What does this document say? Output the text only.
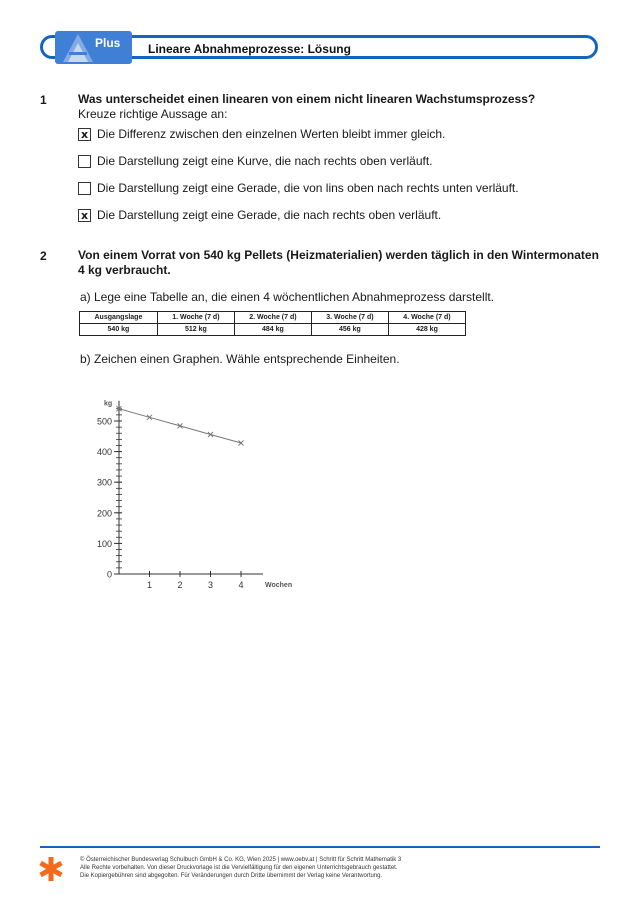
Plus Lineare Abnahmeprozesse: Lösung
1	Was unterscheidet einen linearen von einem nicht linearen Wachstumsprozess?
Kreuze richtige Aussage an:
x Die Differenz zwischen den einzelnen Werten bleibt immer gleich.
Die Darstellung zeigt eine Kurve, die nach rechts oben verläuft.
Die Darstellung zeigt eine Gerade, die von lins oben nach rechts unten verläuft.
x Die Darstellung zeigt eine Gerade, die nach rechts oben verläuft.
2	Von einem Vorrat von 540 kg Pellets (Heizmaterialien) werden täglich in den Wintermonaten
4 kg verbraucht.
a) Lege eine Tabelle an, die einen 4 wöchentlichen Abnahmeprozess darstellt.
Ausgangslage	1. Woche (7 d)	2. Woche (7 d)	3. Woche (7 d)	4. Woche (7 d)
540 kg	512 kg	484 kg	456 kg	428 kg
b) Zeichen einen Graphen. Wähle entsprechende Einheiten.
0
100
200
300
400
500
1	2	3	4
kg
Wochen
© Österreichischer Bundesverlag Schulbuch GmbH & Co. KG, Wien 2025 | www.oebv.at | Schritt für Schritt Mathematik 3
Alle Rechte vorbehalten. Von dieser Druckvorlage ist die Vervielfältigung für den eigenen Unterrichtsgebrauch gestattet.
Die Kopiergebühren sind abgegolten. Für Veränderungen durch Dritte übernimmt der Verlag keine Verantwortung.
